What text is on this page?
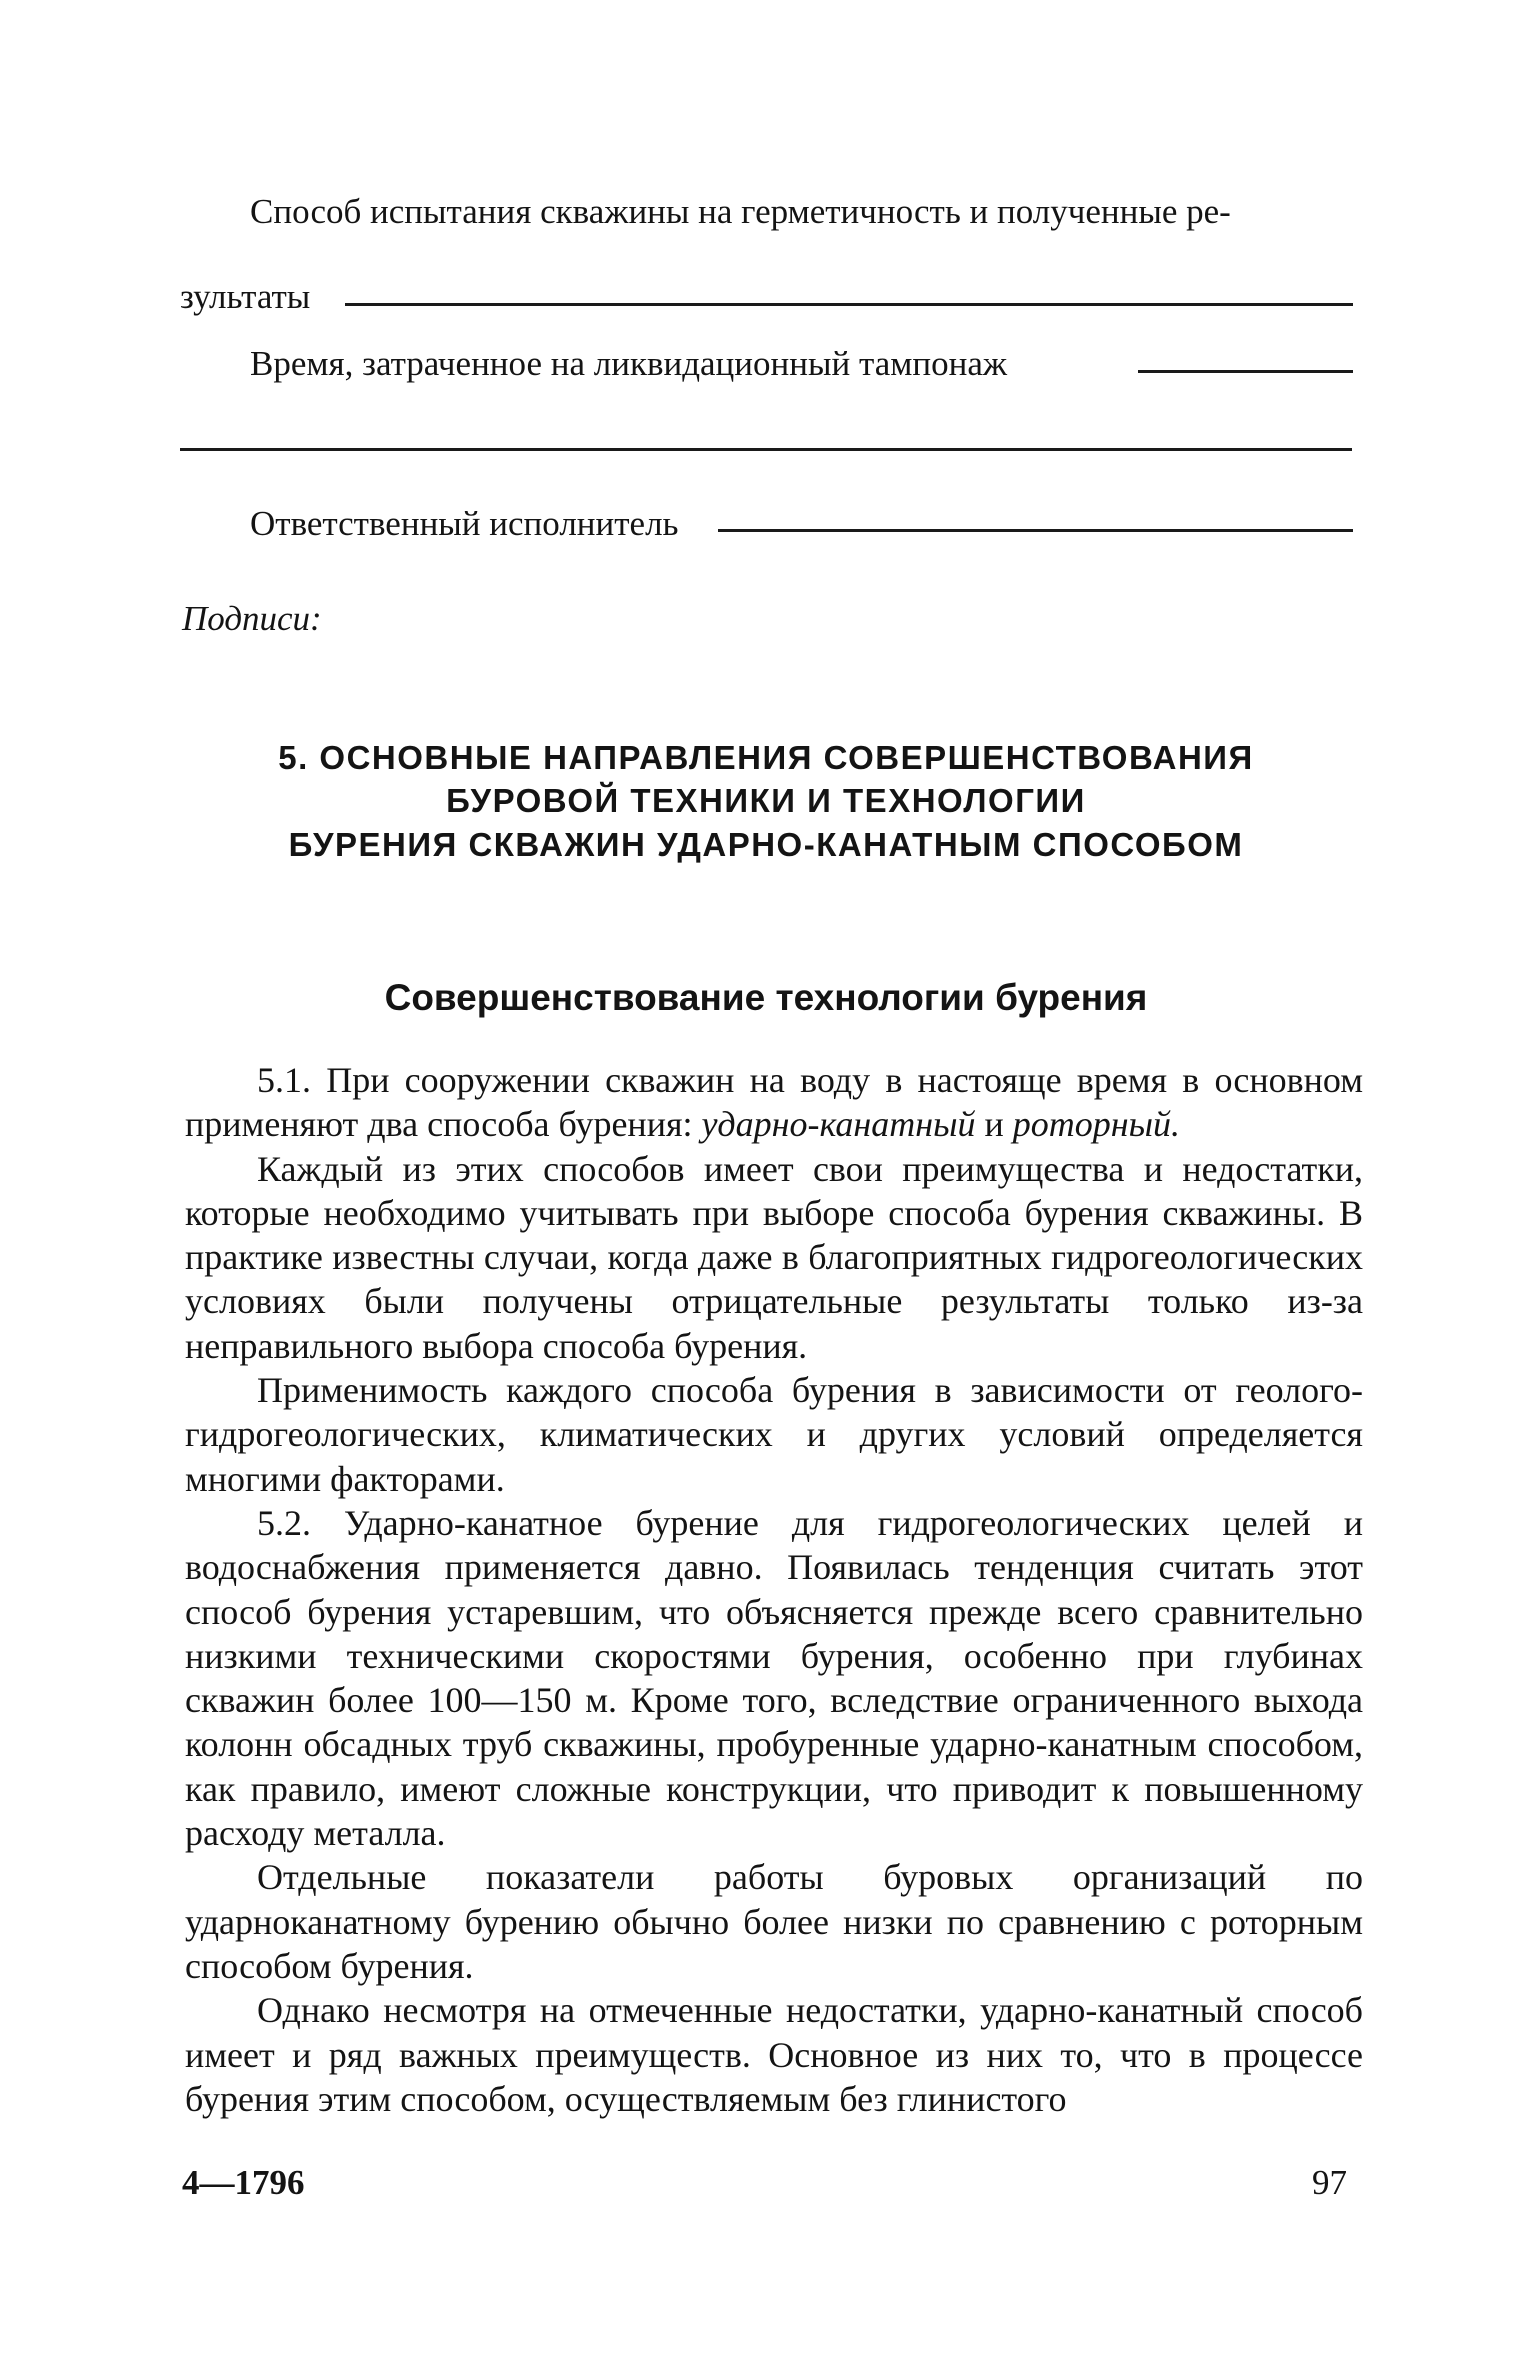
Способ испытания скважины на герметичность и полученные ре-
зультаты
Время, затраченное на ликвидационный тампонаж
Ответственный исполнитель
Подписи:
5. ОСНОВНЫЕ НАПРАВЛЕНИЯ СОВЕРШЕНСТВОВАНИЯ
БУРОВОЙ ТЕХНИКИ И ТЕХНОЛОГИИ
БУРЕНИЯ СКВАЖИН УДАРНО-КАНАТНЫМ СПОСОБОМ
Совершенствование технологии бурения

5.1. При сооружении скважин на воду в настояще время в основном применяют два способа бурения: ударно-канатный и роторный.

Каждый из этих способов имеет свои преимущества и недостатки, которые необходимо учитывать при выборе способа бурения скважины. В практике известны случаи, когда даже в благоприятных гидрогеологических условиях были получены отрицательные результаты только из-за неправильного выбора способа бурения.

Применимость каждого способа бурения в зависимости от геолого-гидрогеологических, климатических и других условий определяется многими факторами.

5.2. Ударно-канатное бурение для гидрогеологических целей и водоснабжения применяется давно. Появилась тенденция считать этот способ бурения устаревшим, что объясняется прежде всего сравнительно низкими техническими скоростями бурения, особенно при глубинах скважин более 100—150 м. Кроме того, вследствие ограниченного выхода колонн обсадных труб скважины, пробуренные ударно-канатным способом, как правило, имеют сложные конструкции, что приводит к повышенному расходу металла.

Отдельные показатели работы буровых организаций по ударноканатному бурению обычно более низки по сравнению с роторным способом бурения.

Однако несмотря на отмеченные недостатки, ударно-канатный способ имеет и ряд важных преимуществ. Основное из них то, что в процессе бурения этим способом, осуществляемым без глинистого

4—1796	97
